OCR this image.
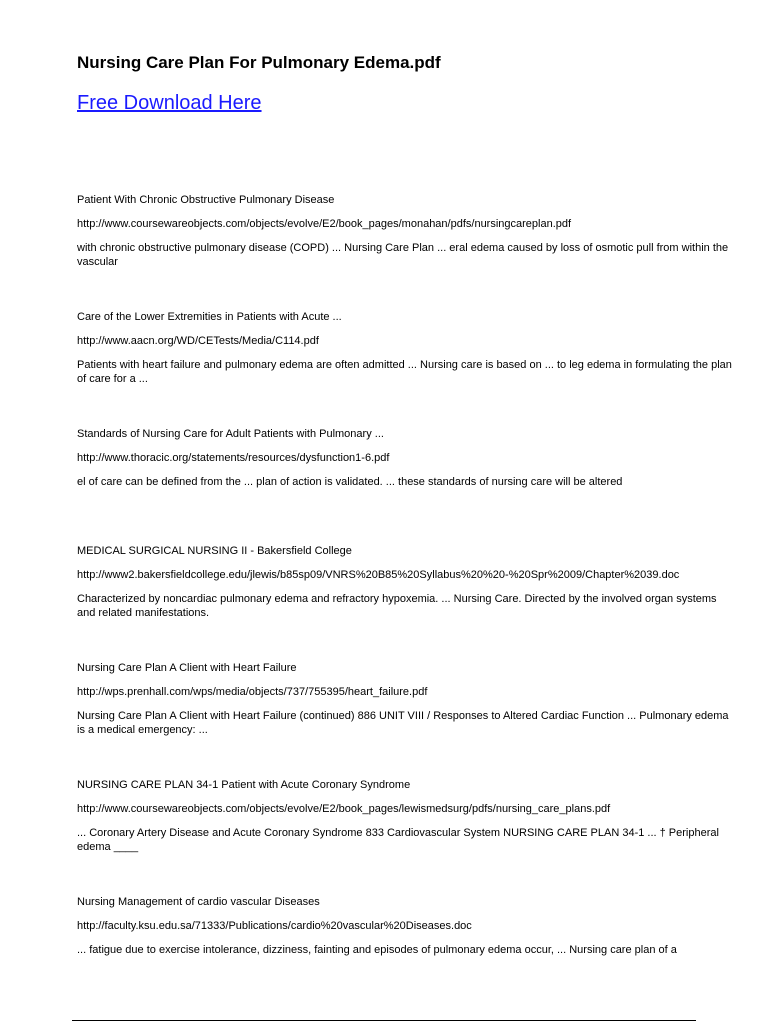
Nursing Care Plan For Pulmonary Edema.pdf
Free Download Here

Patient With Chronic Obstructive Pulmonary Disease

http://www.coursewareobjects.com/objects/evolve/E2/book_pages/monahan/pdfs/nursingcareplan.pdf

with chronic obstructive pulmonary disease (COPD) ... Nursing Care Plan ... eral edema caused by loss of osmotic pull from within the vascular

Care of the Lower Extremities in Patients with Acute ...

http://www.aacn.org/WD/CETests/Media/C114.pdf

Patients with heart failure and pulmonary edema are often admitted ... Nursing care is based on ... to leg edema in formulating the plan of care for a ...

Standards of Nursing Care for Adult Patients with Pulmonary ...

http://www.thoracic.org/statements/resources/dysfunction1-6.pdf

el of care can be defined from the ... plan of action is validated. ... these standards of nursing care will be altered

MEDICAL SURGICAL NURSING II - Bakersfield College

http://www2.bakersfieldcollege.edu/jlewis/b85sp09/VNRS%20B85%20Syllabus%20%20-%20Spr%2009/Chapter%2039.doc

Characterized by noncardiac pulmonary edema and refractory hypoxemia. ... Nursing Care. Directed by the involved organ systems and related manifestations.

Nursing Care Plan A Client with Heart Failure

http://wps.prenhall.com/wps/media/objects/737/755395/heart_failure.pdf

Nursing Care Plan A Client with Heart Failure (continued) 886 UNIT VIII / Responses to Altered Cardiac Function ... Pulmonary edema is a medical emergency: ...

NURSING CARE PLAN 34-1 Patient with Acute Coronary Syndrome

http://www.coursewareobjects.com/objects/evolve/E2/book_pages/lewismedsurg/pdfs/nursing_care_plans.pdf

... Coronary Artery Disease and Acute Coronary Syndrome 833 Cardiovascular System NURSING CARE PLAN 34-1 ... † Peripheral edema ____

Nursing Management of cardio vascular Diseases

http://faculty.ksu.edu.sa/71333/Publications/cardio%20vascular%20Diseases.doc

... fatigue due to exercise intolerance, dizziness, fainting and episodes of pulmonary edema occur, ... Nursing care plan of a
